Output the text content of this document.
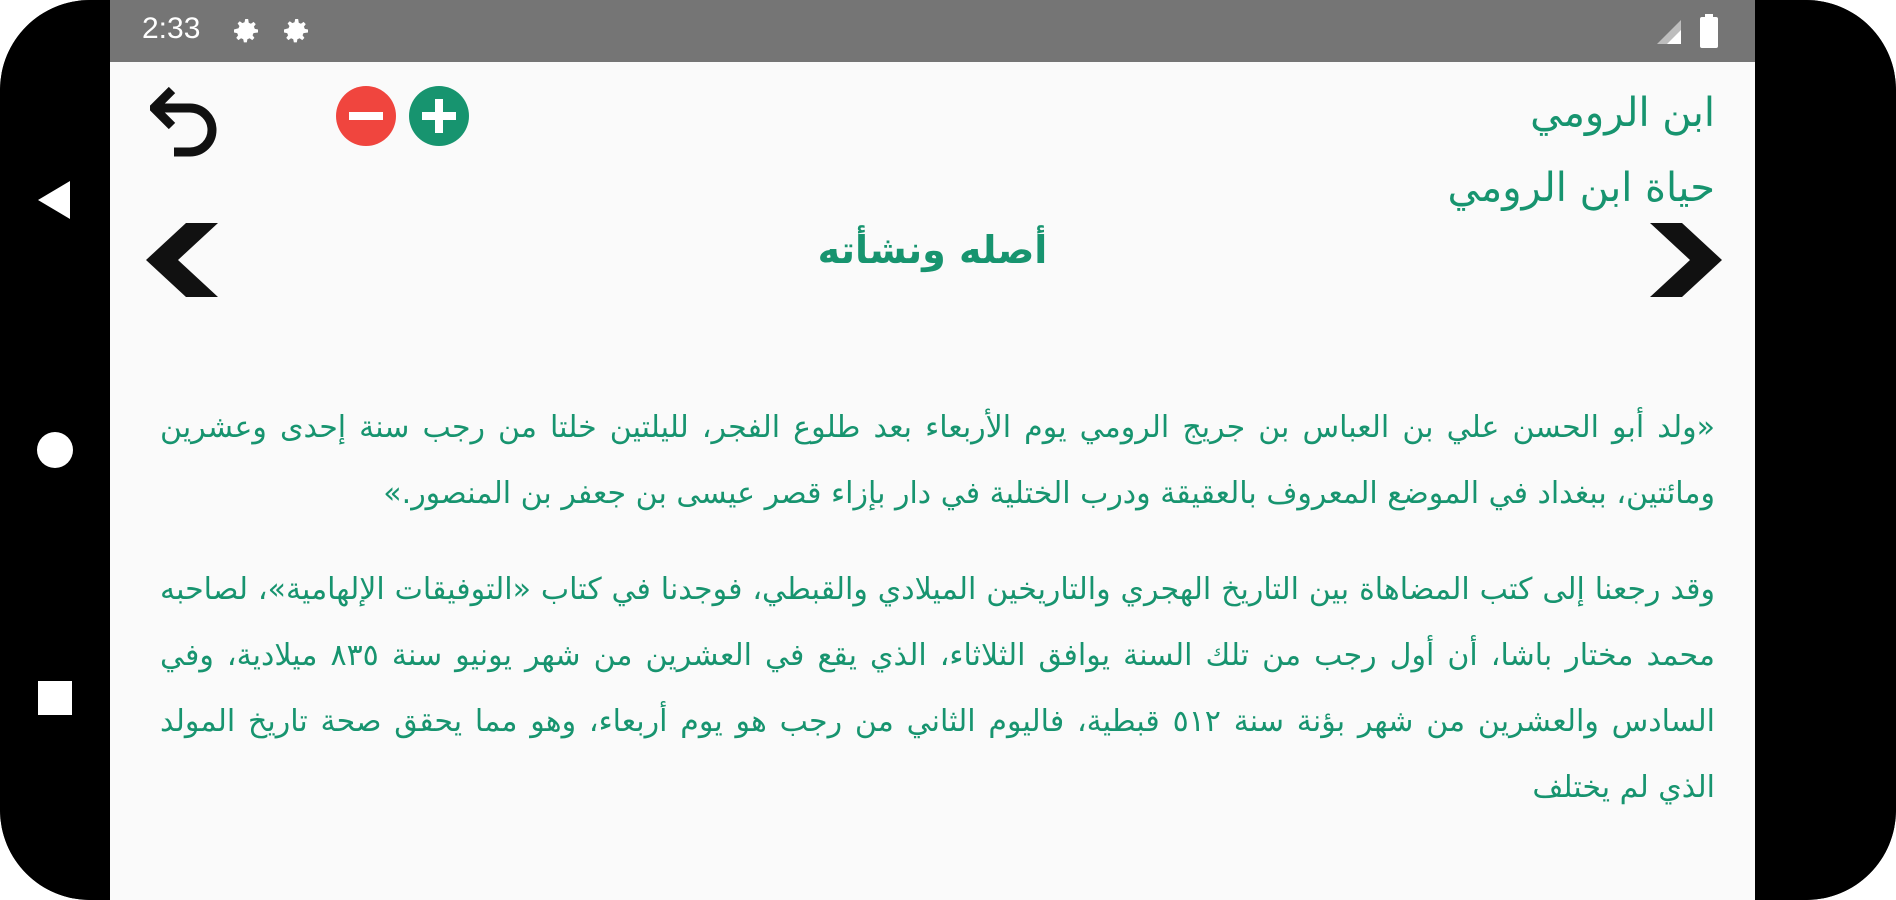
2:33
ابن الرومي
حياة ابن الرومي
أصله ونشأته

«ولد أبو الحسن علي بن العباس بن جريج الرومي يوم الأربعاء بعد طلوع الفجر، لليلتين خلتا من رجب سنة إحدى وعشرين ومائتين، ببغداد في الموضع المعروف بالعقيقة ودرب الختلية في دار بإزاء قصر عيسى بن جعفر بن المنصور.»

وقد رجعنا إلى كتب المضاهاة بين التاريخ الهجري والتاريخين الميلادي والقبطي، فوجدنا في كتاب «التوفيقات الإلهامية»، لصاحبه محمد مختار باشا، أن أول رجب من تلك السنة يوافق الثلاثاء، الذي يقع في العشرين من شهر يونيو سنة ٨٣٥ ميلادية، وفي السادس والعشرين من شهر بؤنة سنة ٥١٢ قبطية، فاليوم الثاني من رجب هو يوم أربعاء، وهو مما يحقق صحة تاريخ المولد الذي لم يختلف
